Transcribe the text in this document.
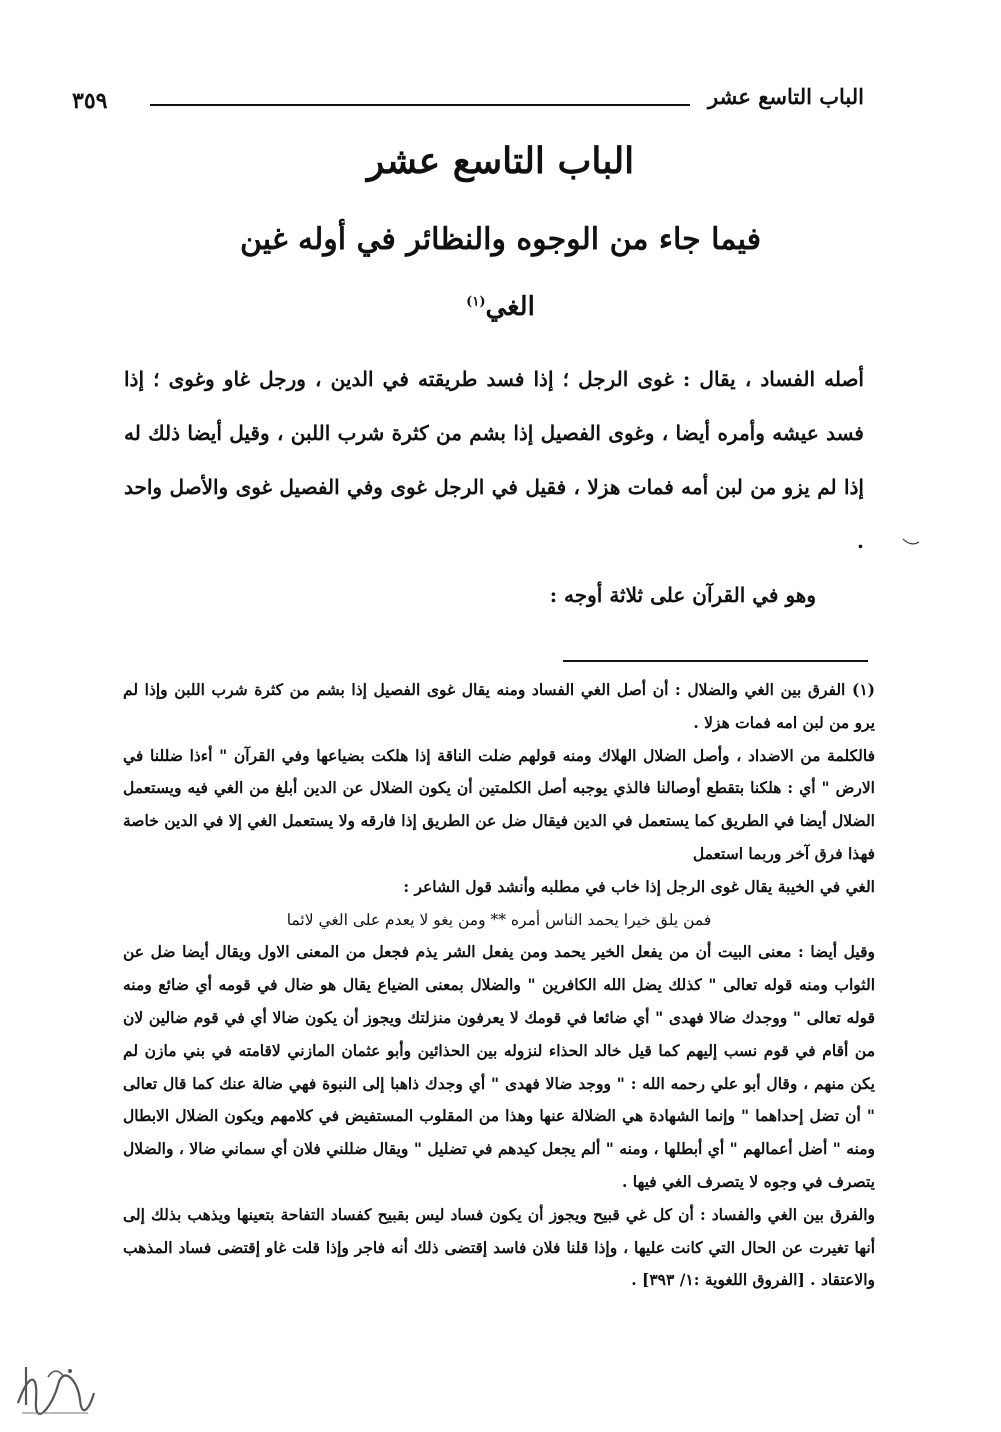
الباب التاسع عشر
٣٥٩
الباب التاسع عشر
فيما جاء من الوجوه والنظائر في أوله غين
الغي$^{(١)}$

أصله الفساد ، يقال : غوى الرجل ؛ إذا فسد طريقته في الدين ، ورجل غاو وغوى ؛ إذا فسد عيشه وأمره أيضا ، وغوى الفصيل إذا بشم من كثرة شرب اللبن ، وقيل أيضا ذلك له إذا لم يزو من لبن أمه فمات هزلا ، فقيل في الرجل غوى وفي الفصيل غوى والأصل واحد .

وهو في القرآن على ثلاثة أوجه :

(١) الفرق بين الغي والضلال : أن أصل الغي الفساد ومنه يقال غوى الفصيل إذا بشم من كثرة شرب اللبن وإذا لم يرو من لبن امه فمات هزلا .

فالكلمة من الاضداد ، وأصل الضلال الهلاك ومنه قولهم ضلت الناقة إذا هلكت بضياعها وفي القرآن " أءذا ضللنا في الارض " أي : هلكنا بتقطع أوصالنا فالذي يوجبه أصل الكلمتين أن يكون الضلال عن الدين أبلغ من الغي فيه ويستعمل الضلال أيضا في الطريق كما يستعمل في الدين فيقال ضل عن الطريق إذا فارقه ولا يستعمل الغي إلا في الدين خاصة فهذا فرق آخر وربما استعمل

الغي في الخيبة يقال غوى الرجل إذا خاب في مطلبه وأنشد قول الشاعر :

فمن يلق خيرا يحمد الناس أمره ** ومن يغو لا يعدم على الغي لائما

وقيل أيضا : معنى البيت أن من يفعل الخير يحمد ومن يفعل الشر يذم فجعل من المعنى الاول ويقال أيضا ضل عن الثواب ومنه قوله تعالى " كذلك يضل الله الكافرين " والضلال بمعنى الضياع يقال هو ضال في قومه أي ضائع ومنه قوله تعالى " ووجدك ضالا فهدى " أي ضائعا في قومك لا يعرفون منزلتك ويجوز أن يكون ضالا أي في قوم ضالين لان من أقام في قوم نسب إليهم كما قيل خالد الحذاء لنزوله بين الحذائين وأبو عثمان المازني لاقامته في بني مازن لم يكن منهم ، وقال أبو علي رحمه الله : " ووجد ضالا فهدى " أي وجدك ذاهبا إلى النبوة فهي ضالة عنك كما قال تعالى " أن تضل إحداهما " وإنما الشهادة هي الضلالة عنها وهذا من المقلوب المستفيض في كلامهم ويكون الضلال الابطال ومنه " أضل أعمالهم " أي أبطلها ، ومنه " ألم يجعل كيدهم في تضليل " ويقال ضللني فلان أي سماني ضالا ، والضلال يتصرف في وجوه لا يتصرف الغي فيها .

والفرق بين الغي والفساد : أن كل غي قبيح ويجوز أن يكون فساد ليس بقبيح كفساد التفاحة بتعينها ويذهب بذلك إلى أنها تغيرت عن الحال التي كانت عليها ، وإذا قلنا فلان فاسد إقتضى ذلك أنه فاجر وإذا قلت غاو إقتضى فساد المذهب والاعتقاد . [الفروق اللغوية :١/ ٣٩٣] .
